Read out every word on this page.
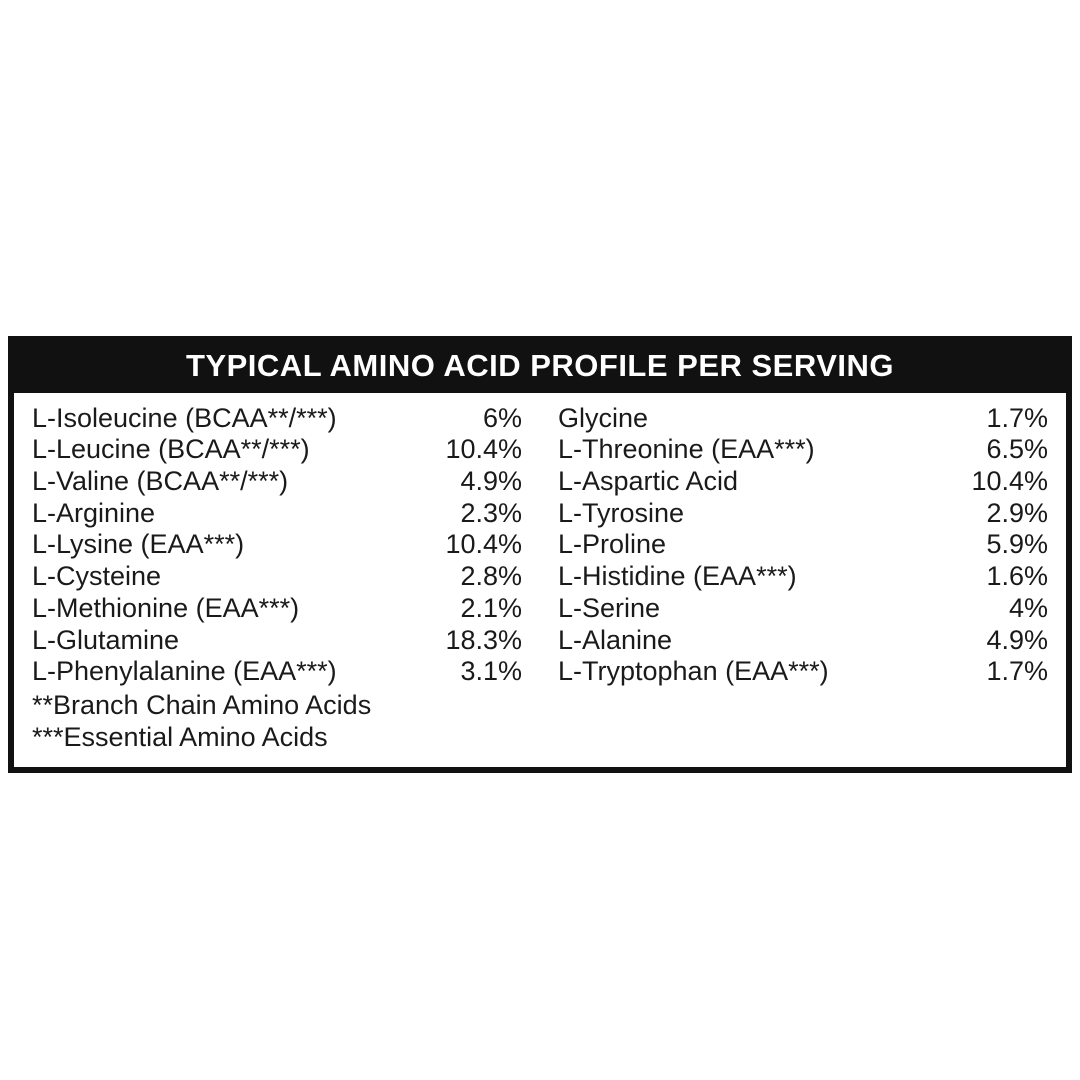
TYPICAL AMINO ACID PROFILE PER SERVING
L-Isoleucine (BCAA**/***)	6%
L-Leucine (BCAA**/***)	10.4%
L-Valine (BCAA**/***)	4.9%
L-Arginine	2.3%
L-Lysine (EAA***)	10.4%
L-Cysteine	2.8%
L-Methionine (EAA***)	2.1%
L-Glutamine	18.3%
L-Phenylalanine (EAA***)	3.1%
Glycine	1.7%
L-Threonine (EAA***)	6.5%
L-Aspartic Acid	10.4%
L-Tyrosine	2.9%
L-Proline	5.9%
L-Histidine (EAA***)	1.6%
L-Serine	4%
L-Alanine	4.9%
L-Tryptophan (EAA***)	1.7%
**Branch Chain Amino Acids
***Essential Amino Acids
